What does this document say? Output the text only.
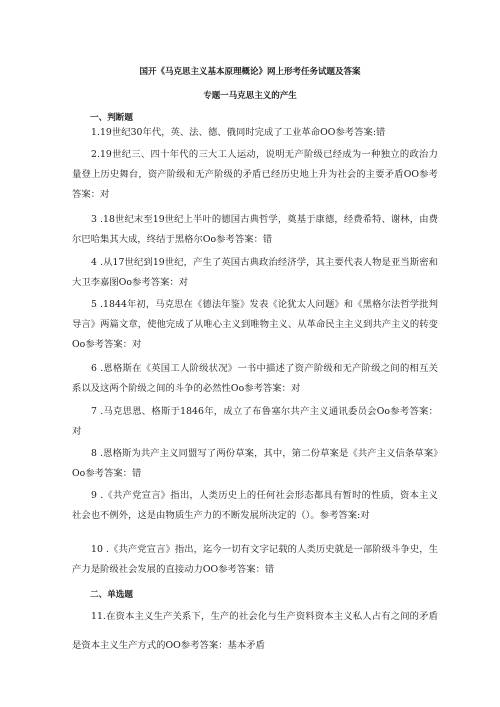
国开《马克思主义基本原理概论》网上形考任务试题及答案
专题一马克思主义的产生
一、判断题
1.19世纪30年代，英、法、德、俄同时完成了工业革命OO参考答案:错
2.19世纪三、四十年代的三大工人运动，说明无产阶级已经成为一种独立的政治力量登上历史舞台，资产阶级和无产阶级的矛盾已经历史地上升为社会的主要矛盾OO参考答案：对
3 .18世纪末至19世纪上半叶的德国古典哲学，奠基于康德，经费希特、谢林，由费尔巴哈集其大成，终结于黑格尔Oo参考答案：错
4 .从17世纪到19世纪，产生了英国古典政治经济学，其主要代表人物是亚当斯密和大卫李嘉图Oo参考答案：对
5 .1844年初，马克思在《德法年鉴》发表《论犹太人问题》和《黑格尔法哲学批判导言》两篇文章，使他完成了从唯心主义到唯物主义、从革命民主主义到共产主义的转变Oo参考答案：对
6 .恩格斯在《英国工人阶级状况》一书中描述了资产阶级和无产阶级之间的相互关系以及这两个阶级之间的斗争的必然性Oo参考答案：对
7 .马克思恩、格斯于1846年，成立了布鲁塞尔共产主义通讯委员会Oo参考答案：对
8 .恩格斯为共产主义同盟写了两份草案，其中，第二份草案是《共产主义信条草案》Oo参考答案：错
9 .《共产党宣言》指出，人类历史上的任何社会形态都具有暂时的性质，资本主义社会也不例外，这是由物质生产力的不断发展所决定的（）。参考答案:对
10 .《共产党宣言》指出，迄今一切有文字记载的人类历史就是一部阶级斗争史，生产力是阶级社会发展的直接动力OO参考答案：错
二、单选题
11.在资本主义生产关系下，生产的社会化与生产资料资本主义私人占有之间的矛盾是资本主义生产方式的OO参考答案：基本矛盾
